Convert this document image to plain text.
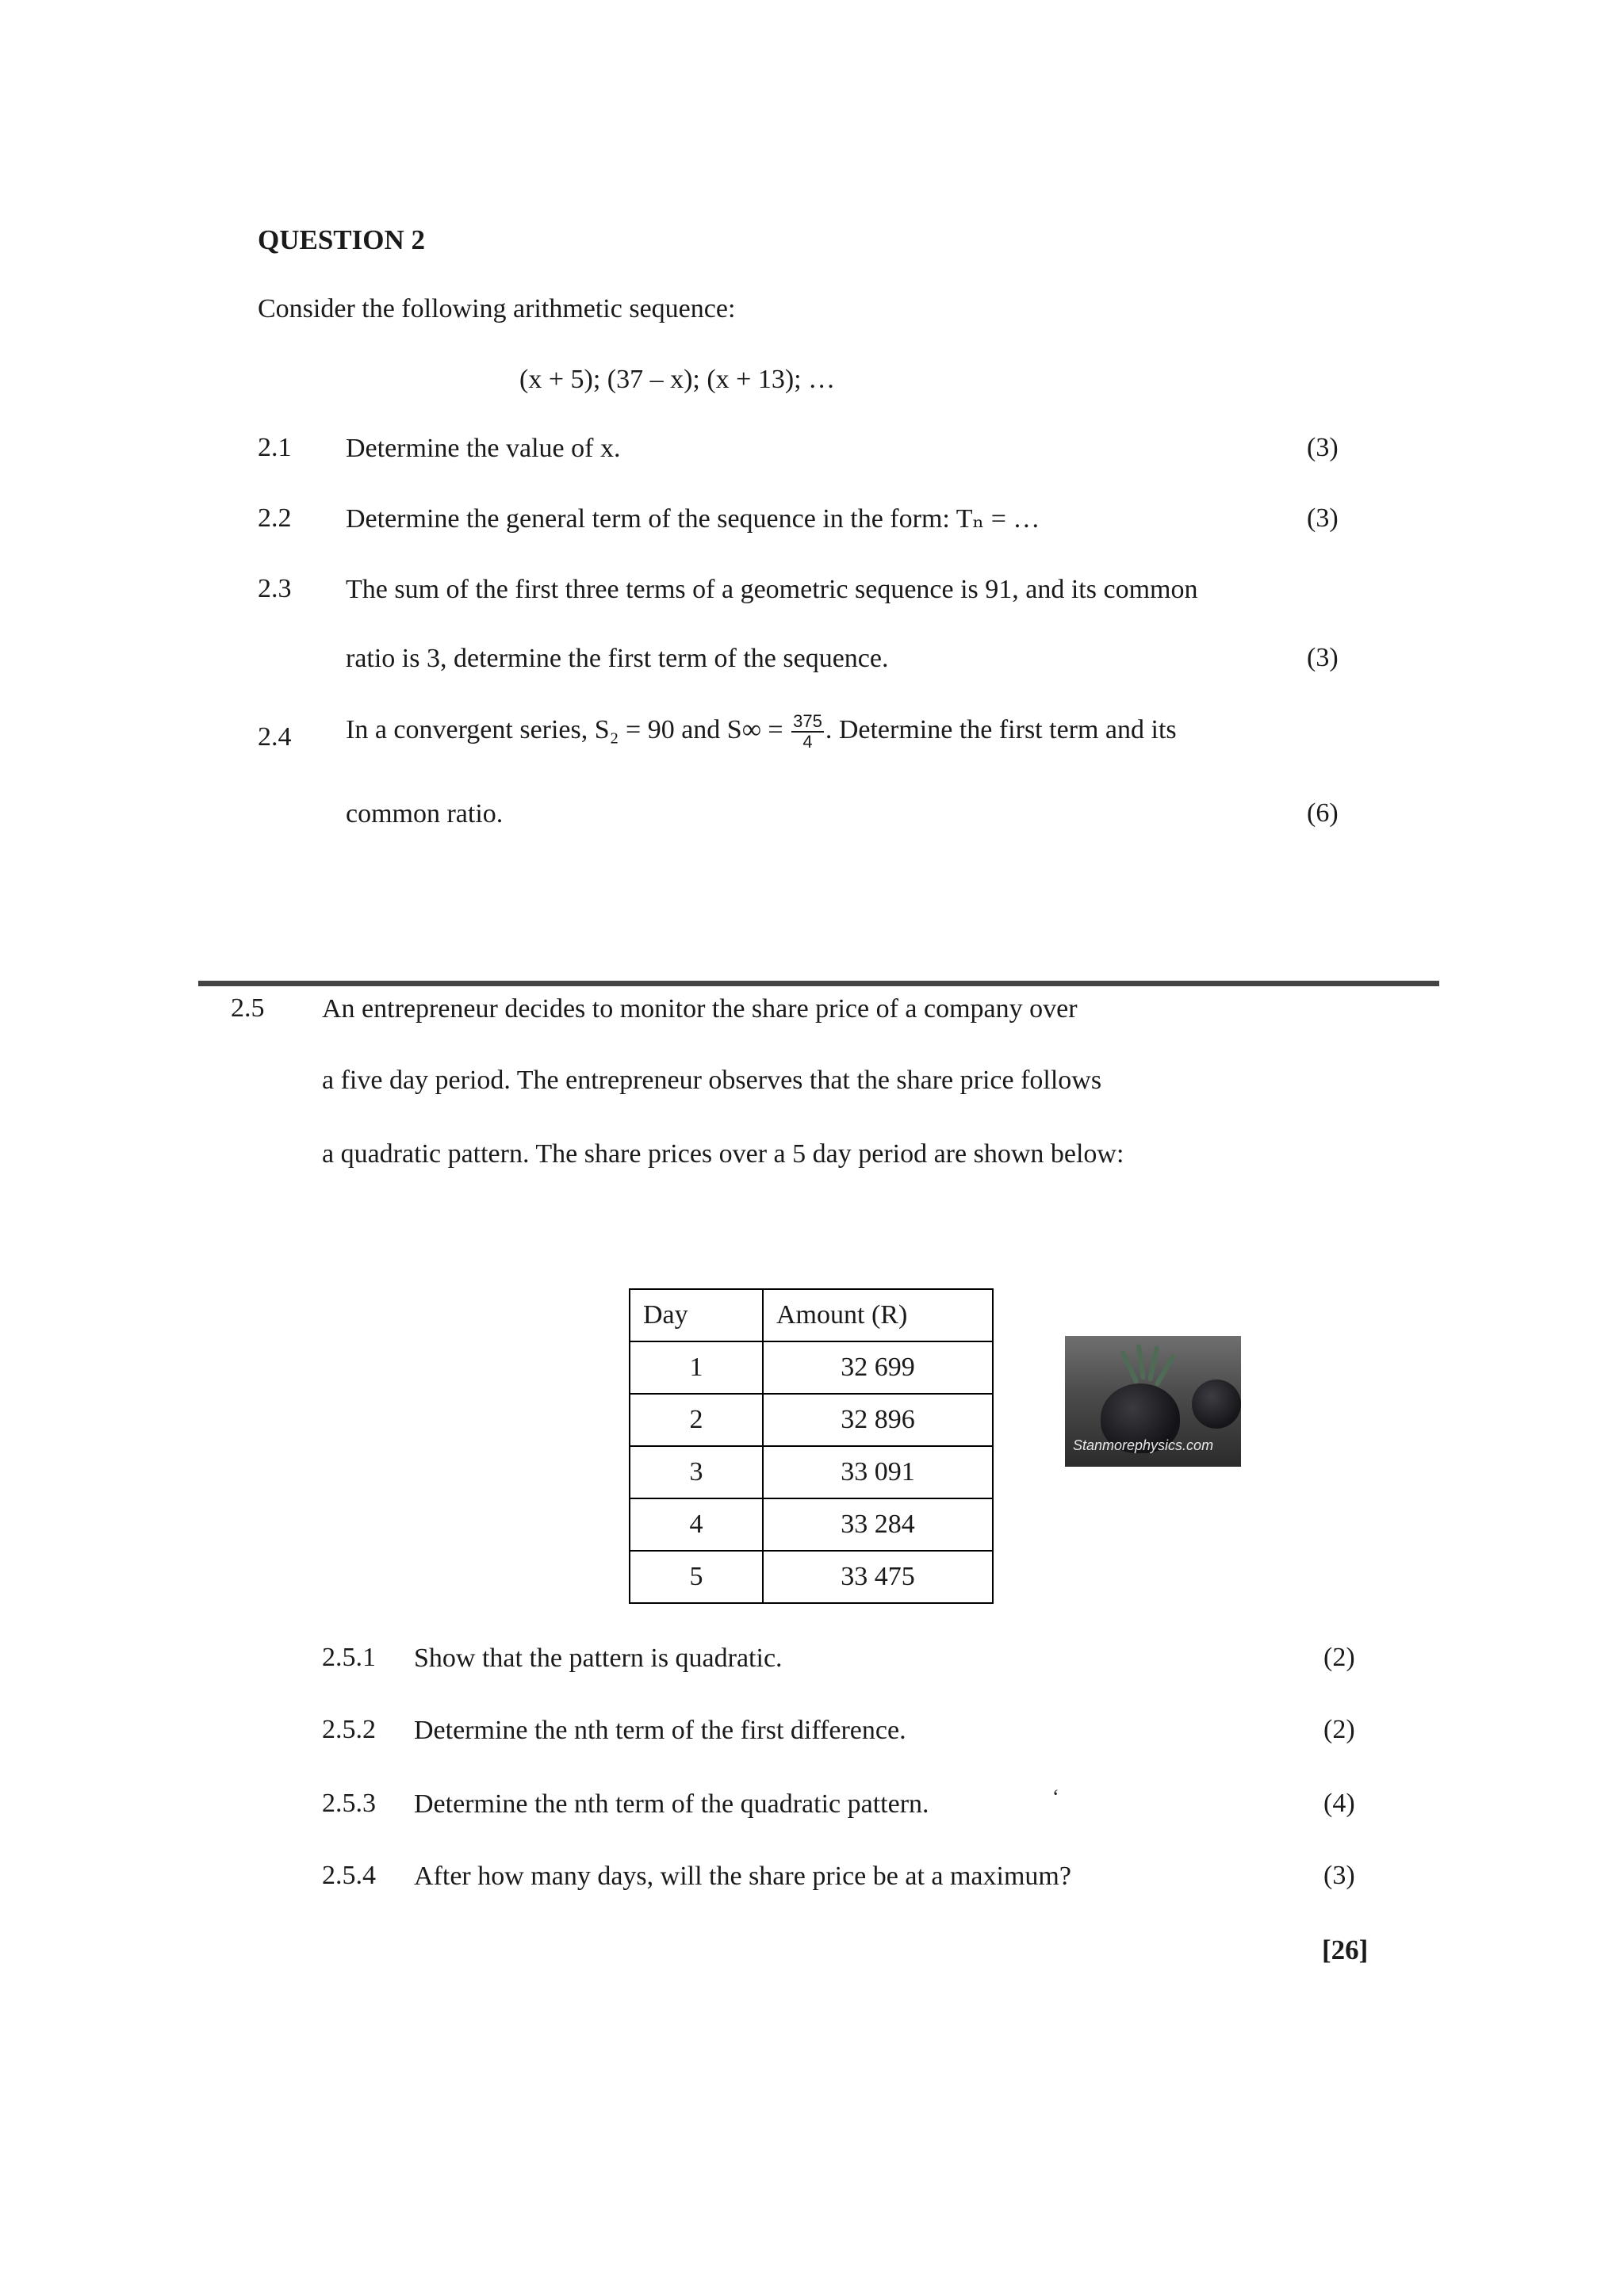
QUESTION 2
Consider the following arithmetic sequence:
(x + 5); (37 – x); (x + 13); …
2.1 Determine the value of x.	(3)
2.2 Determine the general term of the sequence in the form: Tₙ = …	(3)
2.3 The sum of the first three terms of a geometric sequence is 91, and its common
ratio is 3, determine the first term of the sequence.	(3)
2.4 In a convergent series, S₂ = 90 and $S\infty = \frac{375}{4}$ . Determine the first term and its
common ratio.	(6)
2.5 An entrepreneur decides to monitor the share price of a company over
a five day period. The entrepreneur observes that the share price follows
a quadratic pattern. The share prices over a 5 day period are shown below:
Day	Amount (R)
1	32 699
2	32 896
3	33 091
4	33 284
5	33 475
Stanmorephysics.com
2.5.1 Show that the pattern is quadratic.	(2)
2.5.2 Determine the nth term of the first difference.	(2)
2.5.3 Determine the nth term of the quadratic pattern.	‘	(4)
2.5.4 After how many days, will the share price be at a maximum?	(3)
[26]
